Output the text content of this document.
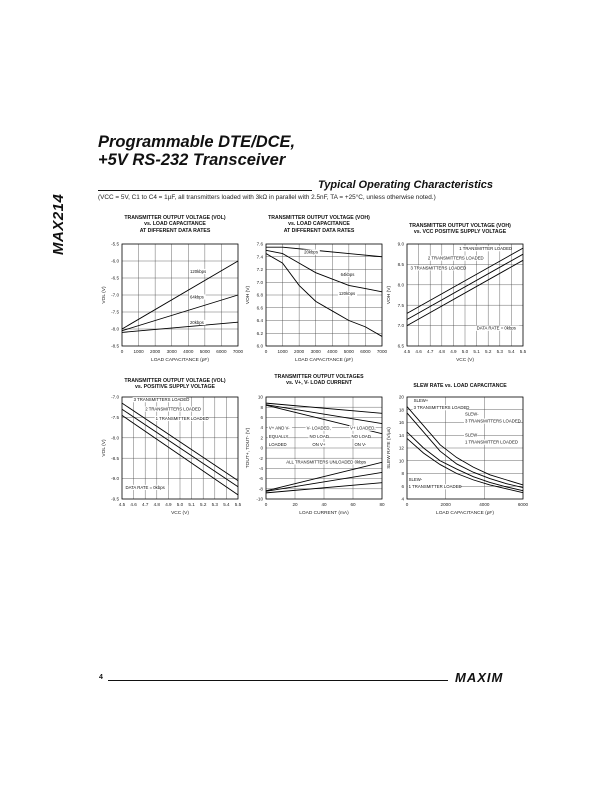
MAX214
Programmable DTE/DCE,
+5V RS-232 Transceiver
Typical Operating Characteristics
(VCC = 5V, C1 to C4 = 1µF, all transmitters loaded with 3kΩ in parallel with 2.5nF, TA = +25°C, unless otherwise noted.)
TRANSMITTER OUTPUT VOLTAGE (VOL)
vs. LOAD CAPACITANCE
AT DIFFERENT DATA RATES
TRANSMITTER OUTPUT VOLTAGE (VOH)
vs. LOAD CAPACITANCE
AT DIFFERENT DATA RATES
TRANSMITTER OUTPUT VOLTAGE (VOH)
vs. VCC POSITIVE SUPPLY VOLTAGE
TRANSMITTER OUTPUT VOLTAGE (VOL)
vs. POSITIVE SUPPLY VOLTAGE
TRANSMITTER OUTPUT VOLTAGES
vs. V+, V- LOAD CURRENT	SLEW RATE vs. LOAD CAPACITANCE
0 1000 2000 3000 4000 5000 6000 7000
-5.5
-6.0
-6.5
-7.0
-7.5
-8.0
-8.5
LOAD CAPACITANCE (pF)
VOL (V)
120kbps
64kbps
20kbps
0 1000 2000 3000 4000 5000 6000 7000
7.6
7.4
7.2
7.0
6.8
6.6
6.4
6.2
6.0
LOAD CAPACITANCE (pF)
VOH (V)
20kbps
64kbps
120kbps
4.5 4.6 4.7 4.8 4.9 5.0 5.1 5.2 5.3 5.4 5.5
9.0
8.5
8.0
7.5
7.0
6.5
VCC (V)
VOH (V)
1 TRANSMITTER LOADED
2 TRANSMITTERS LOADED
3 TRANSMITTERS LOADED
DATA RATE = 0kbps
4.5 4.6 4.7 4.8 4.9 5.0 5.1 5.2 5.3 5.4 5.5
-7.0
-7.5
-8.0
-8.5
-9.0
-9.5
VCC (V)
VOL (V)
3 TRANSMITTERS LOADED
2 TRANSMITTERS LOADED
1 TRANSMITTER LOADED
DATA RATE = 0kbps
0	20	40	60	80
10
8
6
4
2
0
-2
-4
-6
-8
-10
LOAD CURRENT (mA)
TOUT+, TOUT- (V)	V+ AND V-
EQUALLY
LOADED
V- LOADED,
NO LOAD
ON V+
V+ LOADED,
NO LOAD
ON V-
ALL TRANSMITTERS UNLOADED 0kbps
0	2000	4000	6000
20
18
16
14
12
10
8
6
4
LOAD CAPACITANCE (pF)
SLEW RATE (V/µs)
SLEW+
3 TRANSMITTERS LOADED
SLEW-
3 TRANSMITTERS LOADED
SLEW-
1 TRANSMITTER LOADED
SLEW-
1 TRANSMITTER LOADED
4	MAXIM
